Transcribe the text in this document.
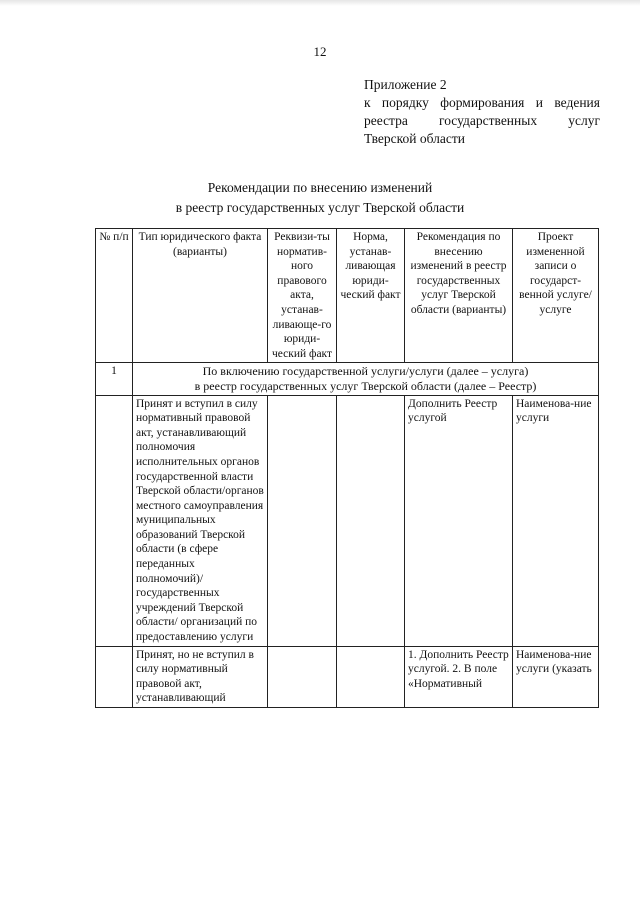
12
Приложение 2
к порядку формирования и ведения
реестра государственных услуг
Тверской области
Рекомендации по внесению изменений
в реестр государственных услуг Тверской области
№ п/п	Тип юридического факта (варианты)	Реквизи-ты норматив-ного правового акта, устанав-ливающе-го юриди-ческий факт	Норма, устанав-ливающая юриди-ческий факт	Рекомендация по внесению изменений в реестр государственных услуг Тверской области (варианты)	Проект измененной записи о государст-венной услуге/ услуге
1	По включению государственной услуги/услуги (далее – услуга)
в реестр государственных услуг Тверской области (далее – Реестр)				

	Принят и вступил в силу нормативный правовой акт, устанавливающий полномочия исполнительных органов государственной власти Тверской области/органов местного самоуправления муниципальных образований Тверской области (в сфере переданных полномочий)/ государственных учреждений Тверской области/ организаций по предоставлению услуги			Дополнить Реестр услугой	Наименова-ние услуги
	Принят, но не вступил в силу нормативный правовой акт, устанавливающий			1. Дополнить Реестр услугой. 2. В поле «Нормативный	Наименова-ние услуги (указать
